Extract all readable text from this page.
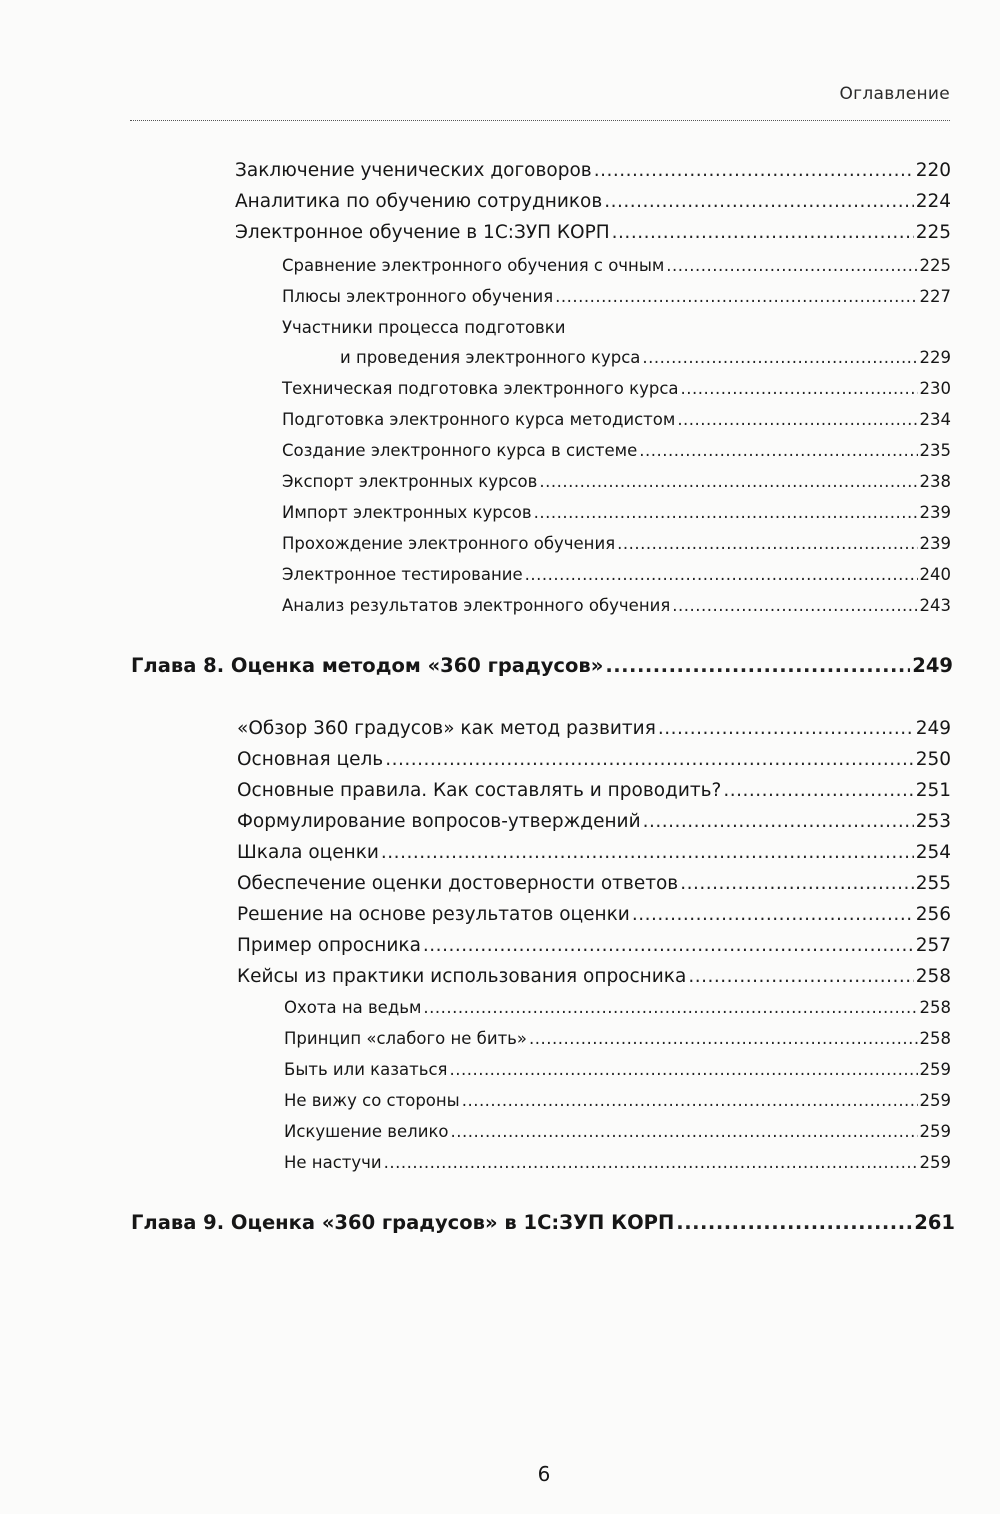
Оглавление
Заключение ученических договоров .....	220
Аналитика по обучению сотрудников .....	224
Электронное обучение в 1С:ЗУП КОРП .....	225
Сравнение электронного обучения с очным .....	225
Плюсы электронного обучения .....	227
Участники процесса подготовки
и проведения электронного курса .....	229
Техническая подготовка электронного курса .....	230
Подготовка электронного курса методистом .....	234
Создание электронного курса в системе .....	235
Экспорт электронных курсов .....	238
Импорт электронных курсов .....	239
Прохождение электронного обучения .....	239
Электронное тестирование .....	240
Анализ результатов электронного обучения .....	243
Глава 8. Оценка методом «360 градусов» .....	249
«Обзор 360 градусов» как метод развития .....	249
Основная цель .....	250
Основные правила. Как составлять и проводить? .....	251
Формулирование вопросов-утверждений .....	253
Шкала оценки .....	254
Обеспечение оценки достоверности ответов .....	255
Решение на основе результатов оценки .....	256
Пример опросника .....	257
Кейсы из практики использования опросника .....	258
Охота на ведьм .....	258
Принцип «слабого не бить» .....	258
Быть или казаться .....	259
Не вижу со стороны .....	259
Искушение велико .....	259
Не настучи .....	259
Глава 9. Оценка «360 градусов» в 1С:ЗУП КОРП .....	261
6
